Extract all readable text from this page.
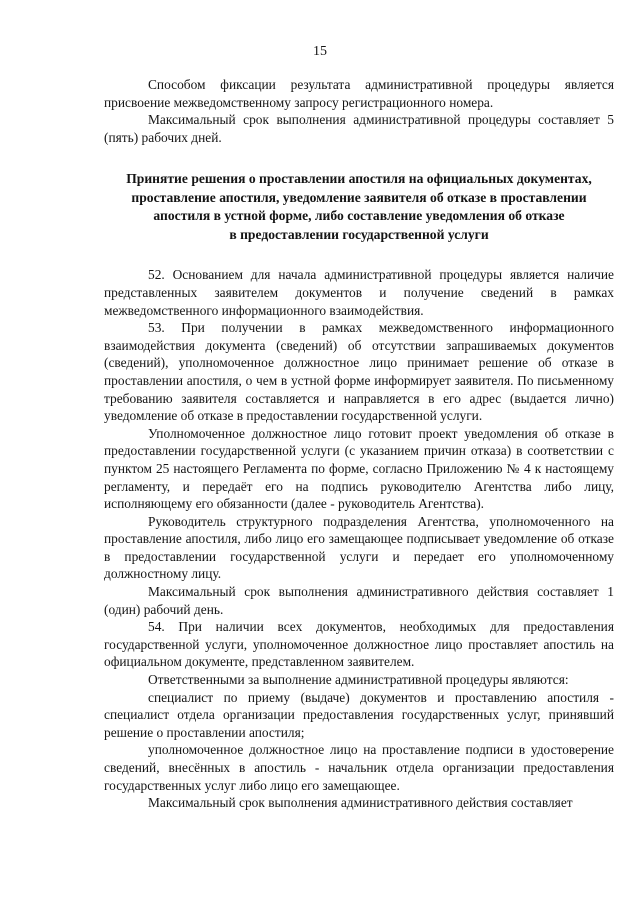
15

Способом фиксации результата административной процедуры является присвоение межведомственному запросу регистрационного номера.

Максимальный срок выполнения административной процедуры составляет 5 (пять) рабочих дней.

Принятие решения о проставлении апостиля на официальных документах,
проставление апостиля, уведомление заявителя об отказе в проставлении
апостиля в устной форме, либо составление уведомления об отказе
в предоставлении государственной услуги

52. Основанием для начала административной процедуры является наличие представленных заявителем документов и получение сведений в рамках межведомственного информационного взаимодействия.

53. При получении в рамках межведомственного информационного взаимодействия документа (сведений) об отсутствии запрашиваемых документов (сведений), уполномоченное должностное лицо принимает решение об отказе в проставлении апостиля, о чем в устной форме информирует заявителя. По письменному требованию заявителя составляется и направляется в его адрес (выдается лично) уведомление об отказе в предоставлении государственной услуги.

Уполномоченное должностное лицо готовит проект уведомления об отказе в предоставлении государственной услуги (с указанием причин отказа) в соответствии с пунктом 25 настоящего Регламента по форме, согласно Приложению № 4 к настоящему регламенту, и передаёт его на подпись руководителю Агентства либо лицу, исполняющему его обязанности (далее - руководитель Агентства).

Руководитель структурного подразделения Агентства, уполномоченного на проставление апостиля, либо лицо его замещающее подписывает уведомление об отказе в предоставлении государственной услуги и передает его уполномоченному должностному лицу.

Максимальный срок выполнения административного действия составляет 1 (один) рабочий день.

54. При наличии всех документов, необходимых для предоставления государственной услуги, уполномоченное должностное лицо проставляет апостиль на официальном документе, представленном заявителем.

Ответственными за выполнение административной процедуры являются:

специалист по приему (выдаче) документов и проставлению апостиля - специалист отдела организации предоставления государственных услуг, принявший решение о проставлении апостиля;

уполномоченное должностное лицо на проставление подписи в удостоверение сведений, внесённых в апостиль - начальник отдела организации предоставления государственных услуг либо лицо его замещающее.

Максимальный срок выполнения административного действия составляет
